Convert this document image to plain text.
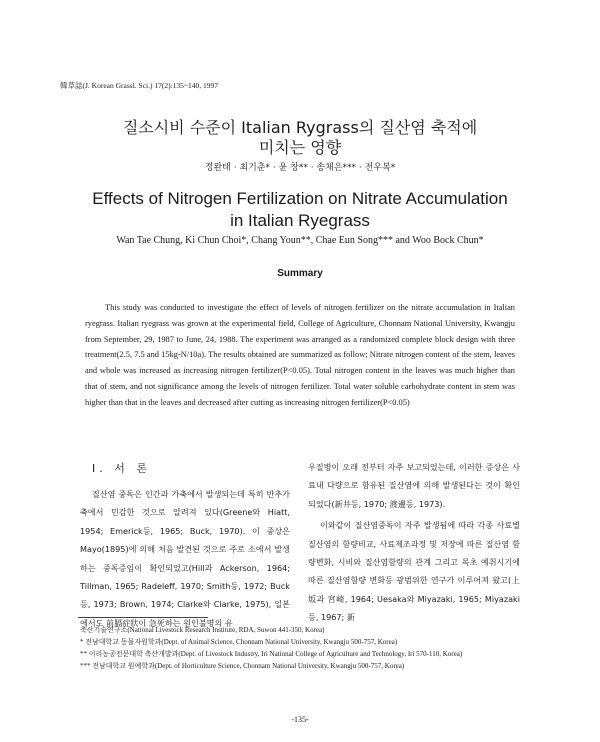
韓草誌(J. Korean Grassl. Sci.) 17(2):135~140, 1997
질소시비 수준이 Italian Rygrass의 질산염 축적에
미치는 영향
정완태 · 최기춘* · 윤 창** · 송채은*** · 전우복*
Effects of Nitrogen Fertilization on Nitrate Accumulation
in Italian Ryegrass
Wan Tae Chung, Ki Chun Choi*, Chang Youn**, Chae Eun Song*** and Woo Bock Chun*
Summary

This study was conducted to investigate the effect of levels of nitrogen fertilizer on the nitrate accumulation in Italian ryegrass. Italian ryegrass was grown at the experimental field, College of Agriculture, Chonnam National University, Kwangju from September, 29, 1987 to June, 24, 1988. The experiment was arranged as a randomized complete block design with three treatment(2.5, 7.5 and 15kg-N/10a). The results obtained are summarized as follow; Nitrate nitrogen content of the stem, leaves and whole was increased as increasing nitrogen fertilizer(P<0.05). Total nitrogen content in the leaves was much higher than that of stem, and not significance among the levels of nitrogen fertilizer. Total water soluble carbohydrate content in stem was higher than that in the leaves and decreased after cutting as increasing nitrogen fertilizer(P<0.05)

I. 서 론

질산염 중독은 인간과 가축에서 발생되는데 특히 반추가축에서 민감한 것으로 알려져 있다(Greene와 Hiatt, 1954; Emerick등, 1965; Buck, 1970). 이 중상은 Mayo(1895)에 의해 처음 발견된 것으로 주로 소에서 발생하는 중독증임이 확인되었고(Hill과 Ackerson, 1964; Tillman, 1965; Radeleff, 1970; Smith등, 1972; Buck등, 1973; Brown, 1974; Clarke와 Clarke, 1975), 일본에서도 前膈症狀이 急死하는 원인불명의 유

우질병이 오래 전부터 자주 보고되었는데, 이러한 증상은 사료내 다량으로 함유된 질산염에 의해 발생된다는 것이 확인되었다(新井등, 1970; 渡邊등, 1973).

이와같이 질산염중독이 자주 발생됨에 따라 각종 사료별 질산염의 함량비교, 사료제조과정 및 저장에 따른 질산염 함량변화, 시비와 질산염함량의 관계 그리고 목초 예취시기에 따른 질산염함량 변화등 광범위한 연구가 이루어져 왔고(上坂과 宮崎, 1964; Uesaka와 Miyazaki, 1965; Miyazaki등, 1967; 新

축산기술연구소(National Livestock Research Institute, RDA, Suwon 441-350, Korea)

* 전남대학교 동물자원학과(Dept. of Animal Science, Chonnam National University, Kwangju 500-757, Korea)

** 이리농공전문대학 축산개발과(Dept. of Livestock Industry, Iri National College of Agriculture and Technology, Iri 570-110, Korea)

*** 전남대학교 원예학과(Dept. of Horticulture Science, Chonnam National University, Kwangju 500-757, Korea)

-135-
